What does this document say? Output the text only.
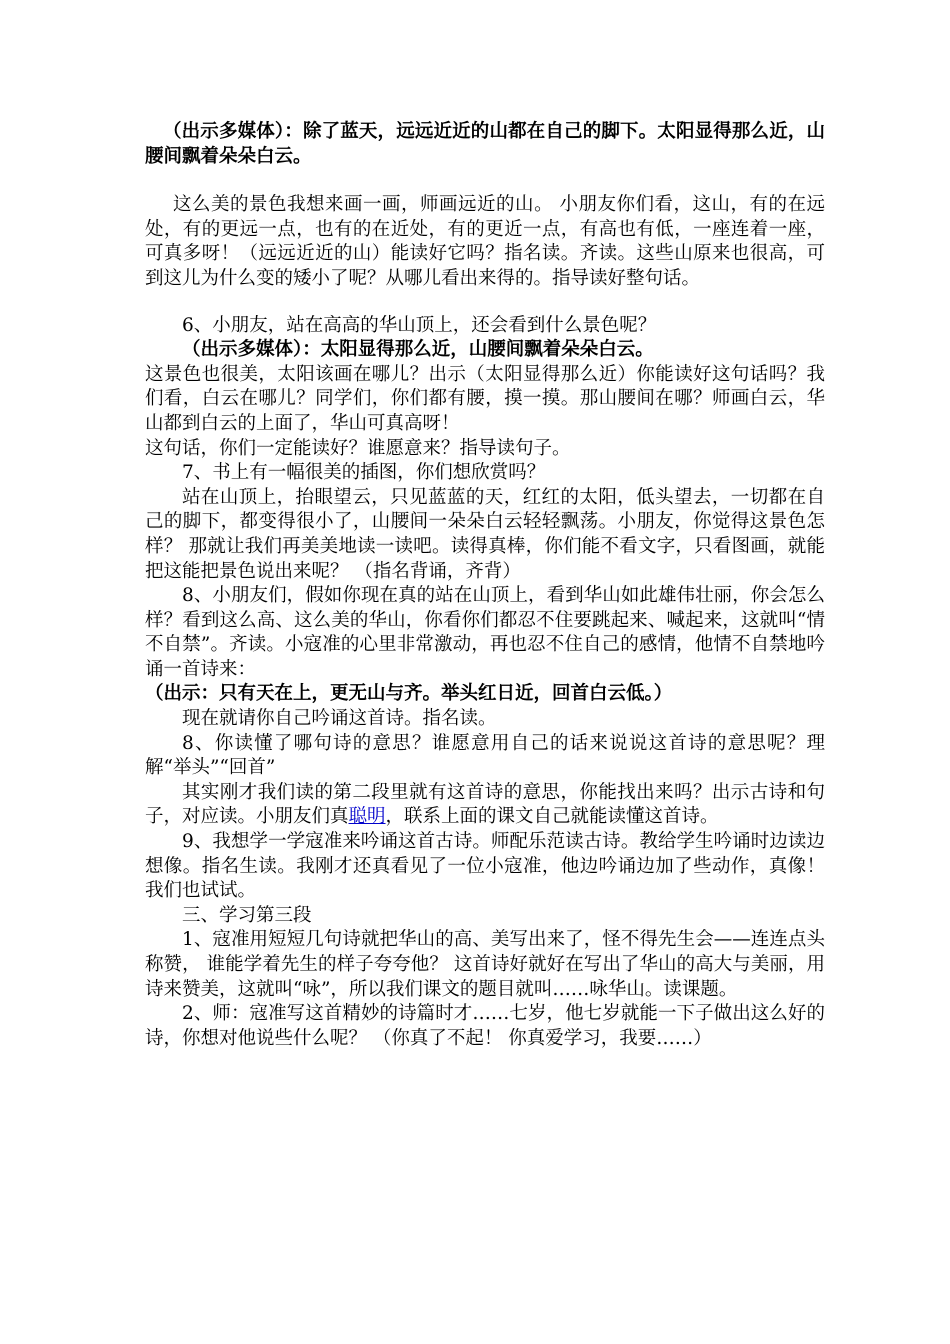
（出示多媒体）：除了蓝天，远远近近的山都在自己的脚下。太阳显得那么近，山腰间飘着朵朵白云。

这么美的景色我想来画一画，师画远近的山。 小朋友你们看，这山，有的在远处，有的更远一点，也有的在近处，有的更近一点，有高也有低，一座连着一座，可真多呀！（远远近近的山）能读好它吗？指名读。齐读。这些山原来也很高，可到这儿为什么变的矮小了呢？从哪儿看出来得的。指导读好整句话。

6、小朋友，站在高高的华山顶上，还会看到什么景色呢？

（出示多媒体）：太阳显得那么近，山腰间飘着朵朵白云。

这景色也很美，太阳该画在哪儿？出示（太阳显得那么近）你能读好这句话吗？我们看，白云在哪儿？同学们，你们都有腰，摸一摸。那山腰间在哪？师画白云，华山都到白云的上面了，华山可真高呀！

这句话，你们一定能读好？谁愿意来？指导读句子。

7、书上有一幅很美的插图，你们想欣赏吗？

站在山顶上，抬眼望云，只见蓝蓝的天，红红的太阳，低头望去，一切都在自己的脚下，都变得很小了，山腰间一朵朵白云轻轻飘荡。小朋友，你觉得这景色怎样？ 那就让我们再美美地读一读吧。读得真棒，你们能不看文字，只看图画，就能把这能把景色说出来呢？ （指名背诵，齐背）

8、小朋友们，假如你现在真的站在山顶上，看到华山如此雄伟壮丽，你会怎么样？看到这么高、这么美的华山，你看你们都忍不住要跳起来、喊起来，这就叫“情不自禁”。齐读。小寇准的心里非常激动，再也忍不住自己的感情，他情不自禁地吟诵一首诗来：

（出示：只有天在上，更无山与齐。举头红日近，回首白云低。）

现在就请你自己吟诵这首诗。指名读。

8、你读懂了哪句诗的意思？谁愿意用自己的话来说说这首诗的意思呢？理解“举头”“回首”

其实刚才我们读的第二段里就有这首诗的意思，你能找出来吗？出示古诗和句子，对应读。小朋友们真聪明，联系上面的课文自己就能读懂这首诗。

9、我想学一学寇准来吟诵这首古诗。师配乐范读古诗。教给学生吟诵时边读边想像。指名生读。我刚才还真看见了一位小寇准，他边吟诵边加了些动作，真像！ 我们也试试。

三、学习第三段

1、寇准用短短几句诗就把华山的高、美写出来了，怪不得先生会——连连点头称赞， 谁能学着先生的样子夸夸他？ 这首诗好就好在写出了华山的高大与美丽，用诗来赞美，这就叫“咏”，所以我们课文的题目就叫……咏华山。读课题。

2、师：寇准写这首精妙的诗篇时才……七岁，他七岁就能一下子做出这么好的诗，你想对他说些什么呢？ （你真了不起！ 你真爱学习，我要……）
